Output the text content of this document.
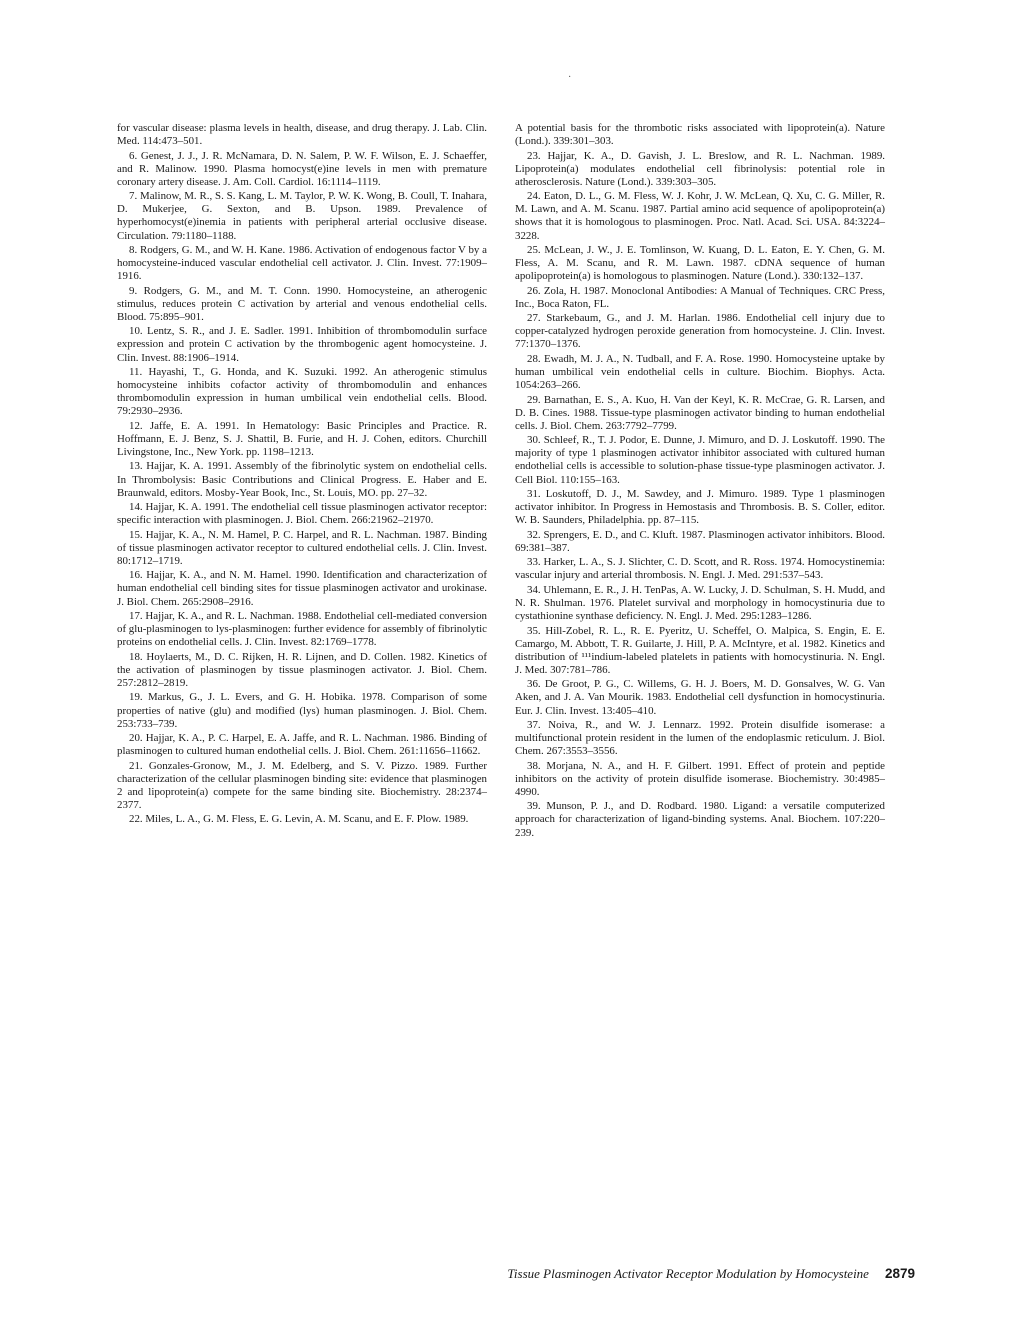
·

for vascular disease: plasma levels in health, disease, and drug therapy. J. Lab. Clin. Med. 114:473–501.

6. Genest, J. J., J. R. McNamara, D. N. Salem, P. W. F. Wilson, E. J. Schaeffer, and R. Malinow. 1990. Plasma homocyst(e)ine levels in men with premature coronary artery disease. J. Am. Coll. Cardiol. 16:1114–1119.

7. Malinow, M. R., S. S. Kang, L. M. Taylor, P. W. K. Wong, B. Coull, T. Inahara, D. Mukerjee, G. Sexton, and B. Upson. 1989. Prevalence of hyperhomocyst(e)inemia in patients with peripheral arterial occlusive disease. Circulation. 79:1180–1188.

8. Rodgers, G. M., and W. H. Kane. 1986. Activation of endogenous factor V by a homocysteine-induced vascular endothelial cell activator. J. Clin. Invest. 77:1909–1916.

9. Rodgers, G. M., and M. T. Conn. 1990. Homocysteine, an atherogenic stimulus, reduces protein C activation by arterial and venous endothelial cells. Blood. 75:895–901.

10. Lentz, S. R., and J. E. Sadler. 1991. Inhibition of thrombomodulin surface expression and protein C activation by the thrombogenic agent homocysteine. J. Clin. Invest. 88:1906–1914.

11. Hayashi, T., G. Honda, and K. Suzuki. 1992. An atherogenic stimulus homocysteine inhibits cofactor activity of thrombomodulin and enhances thrombomodulin expression in human umbilical vein endothelial cells. Blood. 79:2930–2936.

12. Jaffe, E. A. 1991. In Hematology: Basic Principles and Practice. R. Hoffmann, E. J. Benz, S. J. Shattil, B. Furie, and H. J. Cohen, editors. Churchill Livingstone, Inc., New York. pp. 1198–1213.

13. Hajjar, K. A. 1991. Assembly of the fibrinolytic system on endothelial cells. In Thrombolysis: Basic Contributions and Clinical Progress. E. Haber and E. Braunwald, editors. Mosby-Year Book, Inc., St. Louis, MO. pp. 27–32.

14. Hajjar, K. A. 1991. The endothelial cell tissue plasminogen activator receptor: specific interaction with plasminogen. J. Biol. Chem. 266:21962–21970.

15. Hajjar, K. A., N. M. Hamel, P. C. Harpel, and R. L. Nachman. 1987. Binding of tissue plasminogen activator receptor to cultured endothelial cells. J. Clin. Invest. 80:1712–1719.

16. Hajjar, K. A., and N. M. Hamel. 1990. Identification and characterization of human endothelial cell binding sites for tissue plasminogen activator and urokinase. J. Biol. Chem. 265:2908–2916.

17. Hajjar, K. A., and R. L. Nachman. 1988. Endothelial cell-mediated conversion of glu-plasminogen to lys-plasminogen: further evidence for assembly of fibrinolytic proteins on endothelial cells. J. Clin. Invest. 82:1769–1778.

18. Hoylaerts, M., D. C. Rijken, H. R. Lijnen, and D. Collen. 1982. Kinetics of the activation of plasminogen by tissue plasminogen activator. J. Biol. Chem. 257:2812–2819.

19. Markus, G., J. L. Evers, and G. H. Hobika. 1978. Comparison of some properties of native (glu) and modified (lys) human plasminogen. J. Biol. Chem. 253:733–739.

20. Hajjar, K. A., P. C. Harpel, E. A. Jaffe, and R. L. Nachman. 1986. Binding of plasminogen to cultured human endothelial cells. J. Biol. Chem. 261:11656–11662.

21. Gonzales-Gronow, M., J. M. Edelberg, and S. V. Pizzo. 1989. Further characterization of the cellular plasminogen binding site: evidence that plasminogen 2 and lipoprotein(a) compete for the same binding site. Biochemistry. 28:2374–2377.

22. Miles, L. A., G. M. Fless, E. G. Levin, A. M. Scanu, and E. F. Plow. 1989.

A potential basis for the thrombotic risks associated with lipoprotein(a). Nature (Lond.). 339:301–303.

23. Hajjar, K. A., D. Gavish, J. L. Breslow, and R. L. Nachman. 1989. Lipoprotein(a) modulates endothelial cell fibrinolysis: potential role in atherosclerosis. Nature (Lond.). 339:303–305.

24. Eaton, D. L., G. M. Fless, W. J. Kohr, J. W. McLean, Q. Xu, C. G. Miller, R. M. Lawn, and A. M. Scanu. 1987. Partial amino acid sequence of apolipoprotein(a) shows that it is homologous to plasminogen. Proc. Natl. Acad. Sci. USA. 84:3224–3228.

25. McLean, J. W., J. E. Tomlinson, W. Kuang, D. L. Eaton, E. Y. Chen, G. M. Fless, A. M. Scanu, and R. M. Lawn. 1987. cDNA sequence of human apolipoprotein(a) is homologous to plasminogen. Nature (Lond.). 330:132–137.

26. Zola, H. 1987. Monoclonal Antibodies: A Manual of Techniques. CRC Press, Inc., Boca Raton, FL.

27. Starkebaum, G., and J. M. Harlan. 1986. Endothelial cell injury due to copper-catalyzed hydrogen peroxide generation from homocysteine. J. Clin. Invest. 77:1370–1376.

28. Ewadh, M. J. A., N. Tudball, and F. A. Rose. 1990. Homocysteine uptake by human umbilical vein endothelial cells in culture. Biochim. Biophys. Acta. 1054:263–266.

29. Barnathan, E. S., A. Kuo, H. Van der Keyl, K. R. McCrae, G. R. Larsen, and D. B. Cines. 1988. Tissue-type plasminogen activator binding to human endothelial cells. J. Biol. Chem. 263:7792–7799.

30. Schleef, R., T. J. Podor, E. Dunne, J. Mimuro, and D. J. Loskutoff. 1990. The majority of type 1 plasminogen activator inhibitor associated with cultured human endothelial cells is accessible to solution-phase tissue-type plasminogen activator. J. Cell Biol. 110:155–163.

31. Loskutoff, D. J., M. Sawdey, and J. Mimuro. 1989. Type 1 plasminogen activator inhibitor. In Progress in Hemostasis and Thrombosis. B. S. Coller, editor. W. B. Saunders, Philadelphia. pp. 87–115.

32. Sprengers, E. D., and C. Kluft. 1987. Plasminogen activator inhibitors. Blood. 69:381–387.

33. Harker, L. A., S. J. Slichter, C. D. Scott, and R. Ross. 1974. Homocystinemia: vascular injury and arterial thrombosis. N. Engl. J. Med. 291:537–543.

34. Uhlemann, E. R., J. H. TenPas, A. W. Lucky, J. D. Schulman, S. H. Mudd, and N. R. Shulman. 1976. Platelet survival and morphology in homocystinuria due to cystathionine synthase deficiency. N. Engl. J. Med. 295:1283–1286.

35. Hill-Zobel, R. L., R. E. Pyeritz, U. Scheffel, O. Malpica, S. Engin, E. E. Camargo, M. Abbott, T. R. Guilarte, J. Hill, P. A. McIntyre, et al. 1982. Kinetics and distribution of ¹¹¹indium-labeled platelets in patients with homocystinuria. N. Engl. J. Med. 307:781–786.

36. De Groot, P. G., C. Willems, G. H. J. Boers, M. D. Gonsalves, W. G. Van Aken, and J. A. Van Mourik. 1983. Endothelial cell dysfunction in homocystinuria. Eur. J. Clin. Invest. 13:405–410.

37. Noiva, R., and W. J. Lennarz. 1992. Protein disulfide isomerase: a multifunctional protein resident in the lumen of the endoplasmic reticulum. J. Biol. Chem. 267:3553–3556.

38. Morjana, N. A., and H. F. Gilbert. 1991. Effect of protein and peptide inhibitors on the activity of protein disulfide isomerase. Biochemistry. 30:4985–4990.

39. Munson, P. J., and D. Rodbard. 1980. Ligand: a versatile computerized approach for characterization of ligand-binding systems. Anal. Biochem. 107:220–239.

Tissue Plasminogen Activator Receptor Modulation by Homocysteine 2879
